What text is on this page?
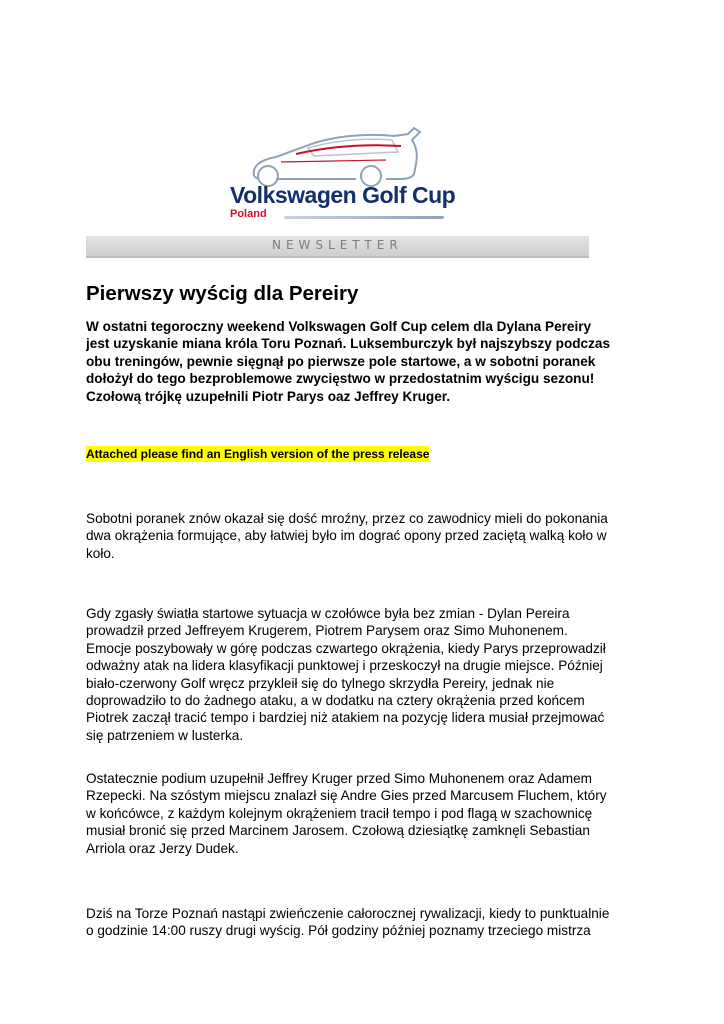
Volkswagen Golf Cup
Poland
NEWSLETTER
Pierwszy wyścig dla Pereiry
W ostatni tegoroczny weekend Volkswagen Golf Cup celem dla Dylana Pereiry
jest uzyskanie miana króla Toru Poznań. Luksemburczyk był najszybszy podczas
obu treningów, pewnie sięgnął po pierwsze pole startowe, a w sobotni poranek
dołożył do tego bezproblemowe zwycięstwo w przedostatnim wyścigu sezonu!
Czołową trójkę uzupełnili Piotr Parys oaz Jeffrey Kruger.
Attached please find an English version of the press release
Sobotni poranek znów okazał się dość mroźny, przez co zawodnicy mieli do pokonania
dwa okrążenia formujące, aby łatwiej było im dograć opony przed zaciętą walką koło w
koło.
Gdy zgasły światła startowe sytuacja w czołówce była bez zmian - Dylan Pereira
prowadził przed Jeffreyem Krugerem, Piotrem Parysem oraz Simo Muhonenem.
Emocje poszybowały w górę podczas czwartego okrążenia, kiedy Parys przeprowadził
odważny atak na lidera klasyfikacji punktowej i przeskoczył na drugie miejsce. Później
biało-czerwony Golf wręcz przykleił się do tylnego skrzydła Pereiry, jednak nie
doprowadziło to do żadnego ataku, a w dodatku na cztery okrążenia przed końcem
Piotrek zaczął tracić tempo i bardziej niż atakiem na pozycję lidera musiał przejmować
się patrzeniem w lusterka.
Ostatecznie podium uzupełnił Jeffrey Kruger przed Simo Muhonenem oraz Adamem
Rzepecki. Na szóstym miejscu znalazł się Andre Gies przed Marcusem Fluchem, który
w końcówce, z każdym kolejnym okrążeniem tracił tempo i pod flagą w szachownicę
musiał bronić się przed Marcinem Jarosem. Czołową dziesiątkę zamknęli Sebastian
Arriola oraz Jerzy Dudek.
Dziś na Torze Poznań nastąpi zwieńczenie całorocznej rywalizacji, kiedy to punktualnie
o godzinie 14:00 ruszy drugi wyścig. Pół godziny później poznamy trzeciego mistrza
